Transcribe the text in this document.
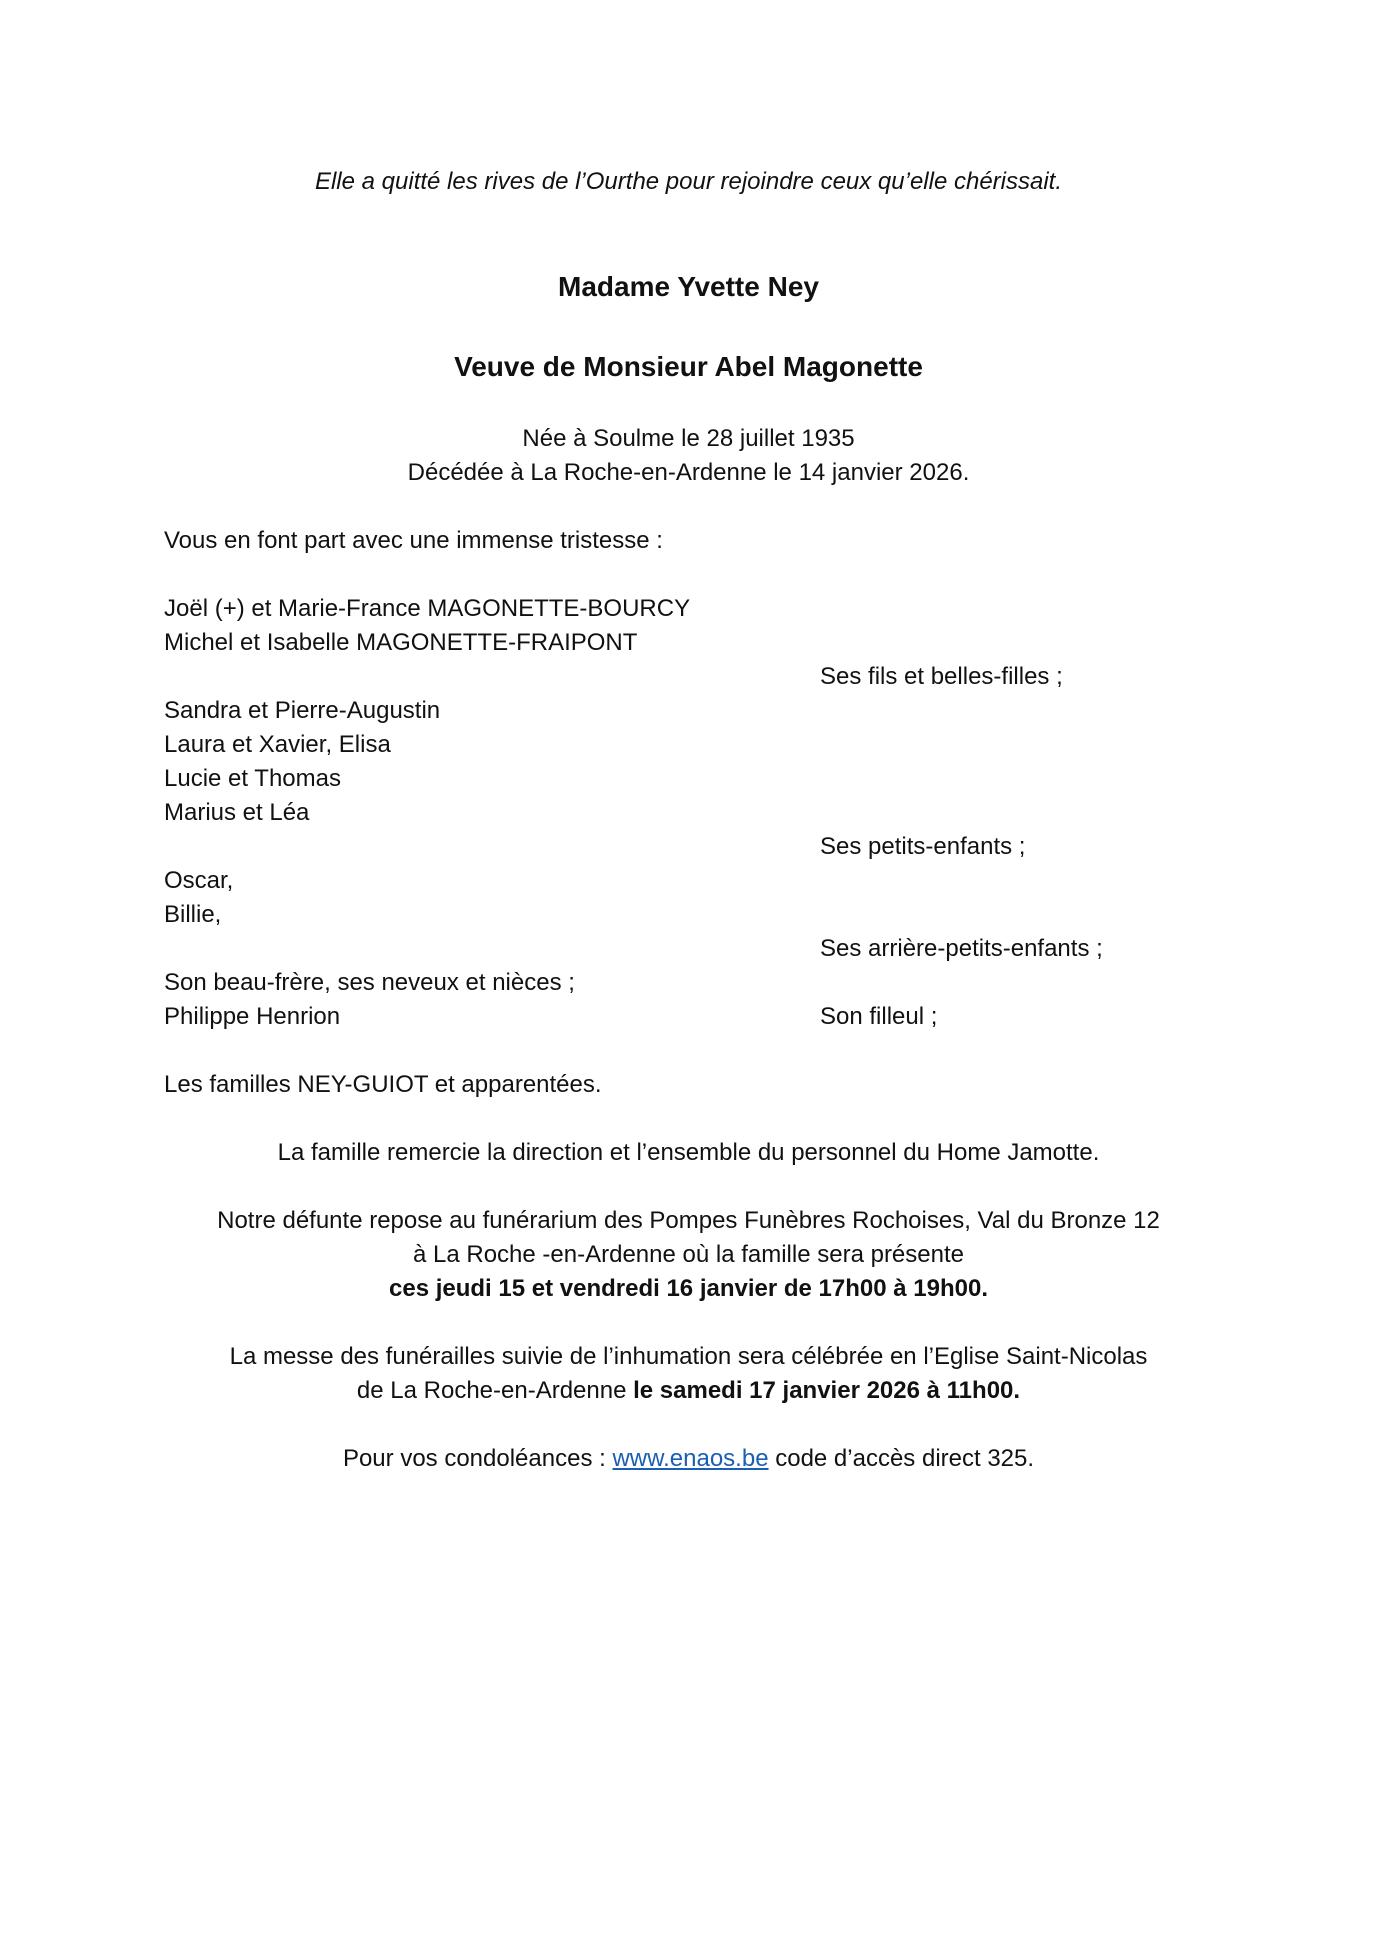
Elle a quitté les rives de l’Ourthe pour rejoindre ceux qu’elle chérissait.
Madame Yvette Ney
Veuve de Monsieur Abel Magonette
Née à Soulme le 28 juillet 1935
Décédée à La Roche-en-Ardenne le 14 janvier 2026.
Vous en font part avec une immense tristesse :
Joël (+) et Marie-France MAGONETTE-BOURCY
Michel et Isabelle MAGONETTE-FRAIPONT
Ses fils et belles-filles ;
Sandra et Pierre-Augustin
Laura et Xavier, Elisa
Lucie et Thomas
Marius et Léa
Ses petits-enfants ;
Oscar,
Billie,
Ses arrière-petits-enfants ;
Son beau-frère, ses neveux et nièces ;
Philippe Henrion	Son filleul ;
Les familles NEY-GUIOT et apparentées.
La famille remercie la direction et l’ensemble du personnel du Home Jamotte.
Notre défunte repose au funérarium des Pompes Funèbres Rochoises, Val du Bronze 12
à La Roche -en-Ardenne où la famille sera présente
ces jeudi 15 et vendredi 16 janvier de 17h00 à 19h00.
La messe des funérailles suivie de l’inhumation sera célébrée en l’Eglise Saint-Nicolas
de La Roche-en-Ardenne le samedi 17 janvier 2026 à 11h00.
Pour vos condoléances : www.enaos.be code d’accès direct 325.
